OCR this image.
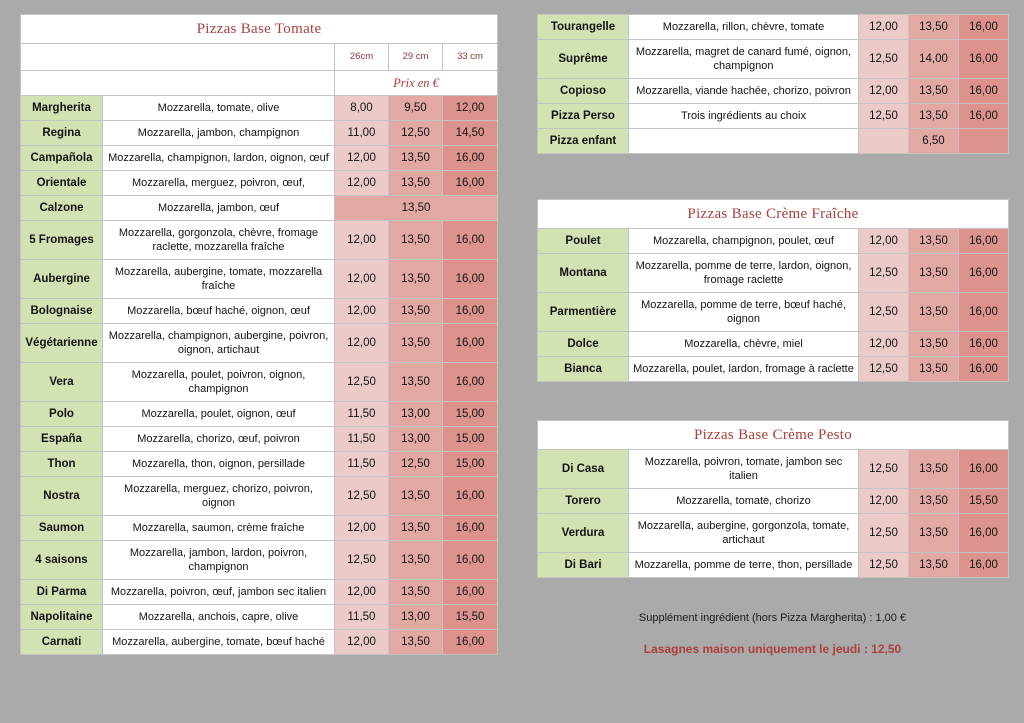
Pizzas Base Tomate				
		26cm	29 cm	33 cm
		Prix en €		
Margherita	Mozzarella, tomate, olive	8,00	9,50	12,00
Regina	Mozzarella, jambon, champignon	11,00	12,50	14,50
Campañola	Mozzarella, champignon, lardon, oignon, œuf	12,00	13,50	16,00
Orientale	Mozzarella, merguez, poivron, œuf,	12,00	13,50	16,00
Calzone	Mozzarella, jambon, œuf	13,50		
5 Fromages	Mozzarella, gorgonzola, chèvre, fromage raclette, mozzarella fraîche	12,00	13,50	16,00
Aubergine	Mozzarella, aubergine, tomate, mozzarella fraîche	12,00	13,50	16,00
Bolognaise	Mozzarella, bœuf haché, oignon, œuf	12,00	13,50	16,00
Végétarienne	Mozzarella, champignon, aubergine, poivron, oignon, artichaut	12,00	13,50	16,00
Vera	Mozzarella, poulet, poivron, oignon, champignon	12,50	13,50	16,00
Polo	Mozzarella, poulet, oignon, œuf	11,50	13,00	15,00
España	Mozzarella, chorizo, œuf, poivron	11,50	13,00	15,00
Thon	Mozzarella, thon, oignon, persillade	11,50	12,50	15,00
Nostra	Mozzarella, merguez, chorizo, poivron, oignon	12,50	13,50	16,00
Saumon	Mozzarella, saumon, crème fraîche	12,00	13,50	16,00
4 saisons	Mozzarella, jambon, lardon, poivron, champignon	12,50	13,50	16,00
Di Parma	Mozzarella, poivron, œuf, jambon sec italien	12,00	13,50	16,00
Napolitaine	Mozzarella, anchois, capre, olive	11,50	13,00	15,50
Carnati	Mozzarella, aubergine, tomate, bœuf haché	12,00	13,50	16,00
Tourangelle	Mozzarella, rillon, chèvre, tomate	12,00	13,50	16,00
Suprême	Mozzarella, magret de canard fumé, oignon, champignon	12,50	14,00	16,00
Copioso	Mozzarella, viande hachée, chorizo, poivron	12,00	13,50	16,00
Pizza Perso	Trois ingrédients au choix	12,50	13,50	16,00
Pizza enfant			6,50	
Pizzas Base Crème Fraîche				
Poulet	Mozzarella, champignon, poulet, œuf	12,00	13,50	16,00
Montana	Mozzarella, pomme de terre, lardon, oignon, fromage raclette	12,50	13,50	16,00
Parmentière	Mozzarella, pomme de terre, bœuf haché, oignon	12,50	13,50	16,00
Dolce	Mozzarella, chèvre, miel	12,00	13,50	16,00
Bianca	Mozzarella, poulet, lardon, fromage à raclette	12,50	13,50	16,00
Pizzas Base Crème Pesto				
Di Casa	Mozzarella, poivron, tomate, jambon sec italien	12,50	13,50	16,00
Torero	Mozzarella, tomate, chorizo	12,00	13,50	15,50
Verdura	Mozzarella, aubergine, gorgonzola, tomate, artichaut	12,50	13,50	16,00
Di Bari	Mozzarella, pomme de terre, thon, persillade	12,50	13,50	16,00
Supplément ingrédient (hors Pizza Margherita) : 1,00 €
Lasagnes maison uniquement le jeudi : 12,50
